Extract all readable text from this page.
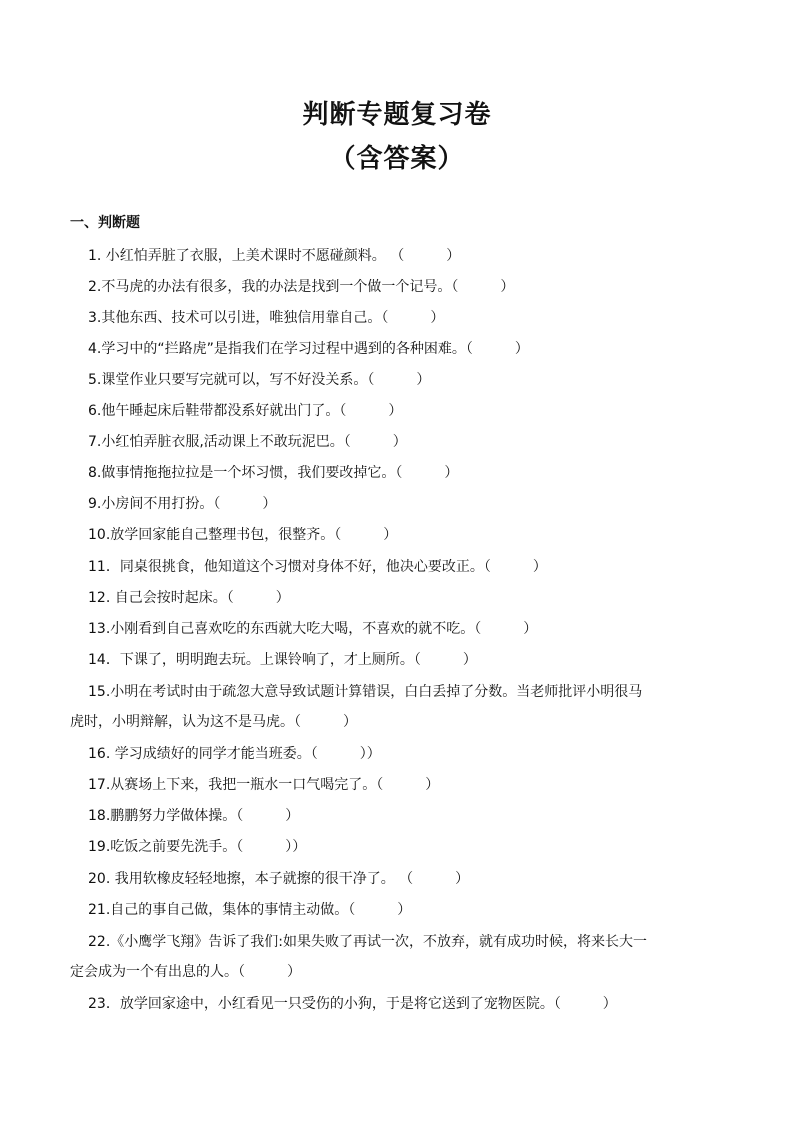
判断专题复习卷
（含答案）
一、判断题
1. 小红怕弄脏了衣服，上美术课时不愿碰颜料。 （　　　）
2.不马虎的办法有很多，我的办法是找到一个做一个记号。（　　　）
3.其他东西、技术可以引进，唯独信用靠自己。（　　　）
4.学习中的“拦路虎”是指我们在学习过程中遇到的各种困难。（　　　）
5.课堂作业只要写完就可以，写不好没关系。（　　　）
6.他午睡起床后鞋带都没系好就出门了。（　　　）
7.小红怕弄脏衣服,活动课上不敢玩泥巴。（　　　）
8.做事情拖拖拉拉是一个坏习惯，我们要改掉它。（　　　）
9.小房间不用打扮。（　　　）
10.放学回家能自己整理书包，很整齐。（　　　）
11．同桌很挑食，他知道这个习惯对身体不好，他决心要改正。（　　　）
12. 自己会按时起床。（　　　）
13.小刚看到自己喜欢吃的东西就大吃大喝，不喜欢的就不吃。（　　　）
14．下课了，明明跑去玩。上课铃响了，才上厕所。（　　　）
15.小明在考试时由于疏忽大意导致试题计算错误，白白丢掉了分数。当老师批评小明很马
虎时，小明辩解，认为这不是马虎。（　　　）
16. 学习成绩好的同学才能当班委。（　　　））
17.从赛场上下来，我把一瓶水一口气喝完了。（　　　）
18.鹏鹏努力学做体操。（　　　）
19.吃饭之前要先洗手。（　　　））
20. 我用软橡皮轻轻地擦，本子就擦的很干净了。 （　　　）
21.自己的事自己做，集体的事情主动做。（　　　）
22.《小鹰学飞翔》告诉了我们:如果失败了再试一次，不放弃，就有成功时候，将来长大一
定会成为一个有出息的人。（　　　）
23．放学回家途中，小红看见一只受伤的小狗，于是将它送到了宠物医院。（　　　）
